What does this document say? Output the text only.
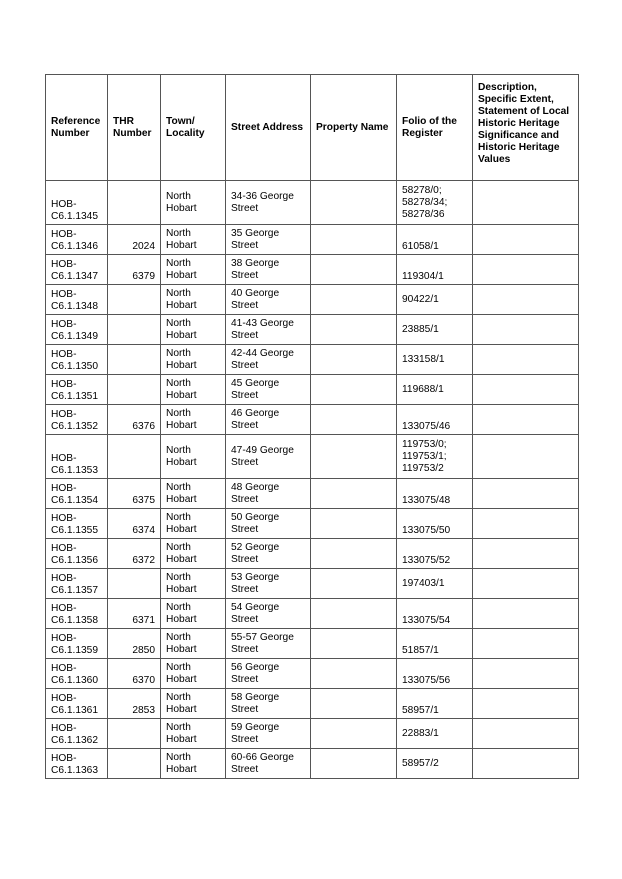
Reference Number	THR Number	Town/ Locality	Street Address	Property Name	Folio of the Register	Description, Specific Extent, Statement of Local Historic Heritage Significance and Historic Heritage Values

HOB-
C6.1.1345		North
Hobart	34-36 George
Street		58278/0;
58278/34;
58278/36	

HOB-
C6.1.1346	2024	North
Hobart	35 George
Street		61058/1	

HOB-
C6.1.1347	6379	North
Hobart	38 George
Street		119304/1	

HOB-
C6.1.1348		North
Hobart	40 George
Street		90422/1	

HOB-
C6.1.1349		North
Hobart	41-43 George
Street		23885/1	

HOB-
C6.1.1350		North
Hobart	42-44 George
Street		133158/1	

HOB-
C6.1.1351		North
Hobart	45 George
Street		119688/1	

HOB-
C6.1.1352	6376	North
Hobart	46 George
Street		133075/46	

HOB-
C6.1.1353		North
Hobart	47-49 George
Street		119753/0;
119753/1;
119753/2	

HOB-
C6.1.1354	6375	North
Hobart	48 George
Street		133075/48	

HOB-
C6.1.1355	6374	North
Hobart	50 George
Street		133075/50	

HOB-
C6.1.1356	6372	North
Hobart	52 George
Street		133075/52	

HOB-
C6.1.1357		North
Hobart	53 George
Street		197403/1	

HOB-
C6.1.1358	6371	North
Hobart	54 George
Street		133075/54	

HOB-
C6.1.1359	2850	North
Hobart	55-57 George
Street		51857/1	

HOB-
C6.1.1360	6370	North
Hobart	56 George
Street		133075/56	

HOB-
C6.1.1361	2853	North
Hobart	58 George
Street		58957/1	

HOB-
C6.1.1362		North
Hobart	59 George
Street		22883/1	

HOB-
C6.1.1363		North
Hobart	60-66 George
Street		58957/2	
